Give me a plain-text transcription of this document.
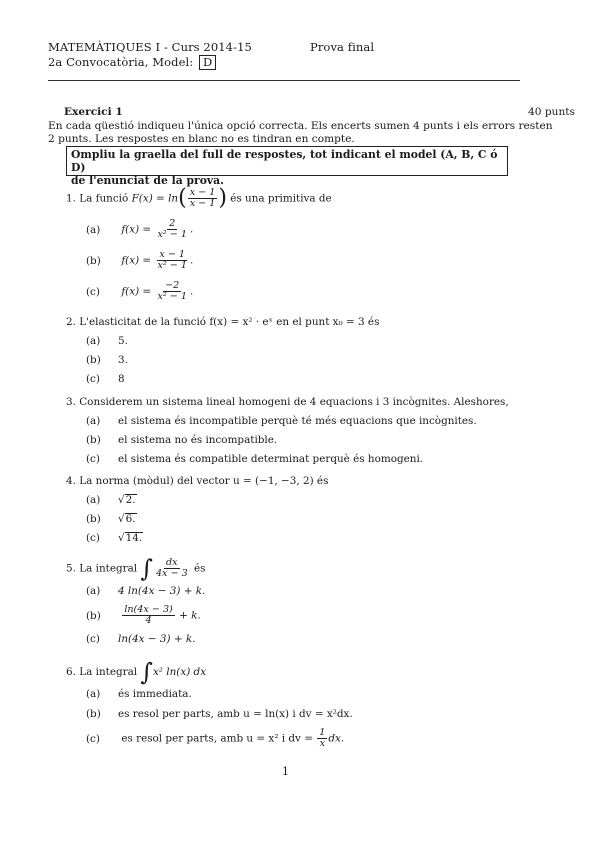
MATEMÀTIQUES I - Curs 2014-15	Prova final
2a Convocatòria, Model: D
Exercici 1	40 punts
En cada qüestió indiqueu l'única opció correcta. Els encerts sumen 4 punts i els errors resten
2 punts. Les respostes en blanc no es tindran en compte.
Ompliu la graella del full de respostes, tot indicant el model (A, B, C ó D)
de l'enunciat de la prova.
1. La funció $F(x) = \ln( \frac{x - 1}{x - 1}$ ) és una primitiva de
(a) $f(x) = \frac{2}{\text{x² − 1}}$ .
(b) $f(x) = \frac{x - 1}{\text{x² − 1}}$ .
(c) $f(x) = \frac{-2}{\text{x² − 1}}$ .
2. L'elasticitat de la funció f(x) = x² · eˣ en el punt x₀ = 3 és
(a) 5.
(b) 3.
(c) 8
3. Considerem un sistema lineal homogeni de 4 equacions i 3 incògnites. Aleshores,
(a) el sistema és incompatible perquè té més equacions que incògnites.
(b) el sistema no és incompatible.
(c) el sistema és compatible determinat perquè és homogeni.
4. La norma (mòdul) del vector u = (−1, −3, 2) és
(a) √2.
(b) √6.
(c) √14.
5. La integral ∫ $\frac{dx}{4x - 3}$ és
(a) 4 ln(4x − 3) + k.
$(b) \frac{\ln(4x - 3)}{4} + k$.
(c) ln(4x − 3) + k.
6. La integral ∫x² ln(x) dx
(a) és immediata.
(b) es resol per parts, amb u = ln(x) i dv = x²dx.
(c) es resol per parts, amb u = x² i dv = $\frac{1}{x}$ dx.
1
